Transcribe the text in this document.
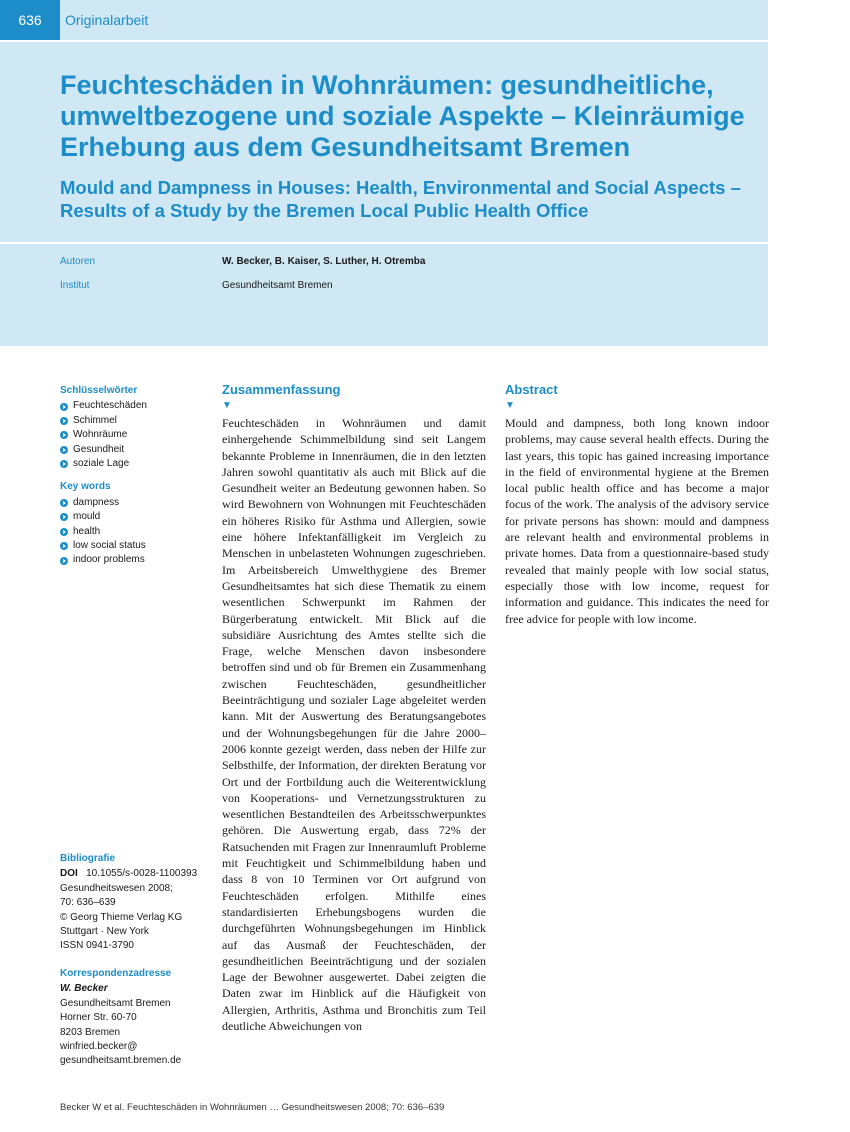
636	Originalarbeit
Feuchteschäden in Wohnräumen: gesundheitliche, umweltbezogene und soziale Aspekte – Kleinräumige Erhebung aus dem Gesundheitsamt Bremen
Mould and Dampness in Houses: Health, Environmental and Social Aspects – Results of a Study by the Bremen Local Public Health Office
Autoren	W. Becker, B. Kaiser, S. Luther, H. Otremba
Institut	Gesundheitsamt Bremen
Schlüsselwörter
Feuchteschäden
Schimmel
Wohnräume
Gesundheit
soziale Lage
Key words
dampness
mould
health
low social status
indoor problems
Bibliografie
DOI 10.1055/s-0028-1100393
Gesundheitswesen 2008;
70: 636–639
© Georg Thieme Verlag KG
Stuttgart · New York
ISSN 0941-3790
Korrespondenzadresse
W. Becker
Gesundheitsamt Bremen
Horner Str. 60-70
8203 Bremen
winfried.becker@
gesundheitsamt.bremen.de
Zusammenfassung
▼
Feuchteschäden in Wohnräumen und damit einhergehende Schimmelbildung sind seit Langem bekannte Probleme in Innenräumen, die in den letzten Jahren sowohl quantitativ als auch mit Blick auf die Gesundheit weiter an Bedeutung gewonnen haben. So wird Bewohnern von Wohnungen mit Feuchteschäden ein höheres Risiko für Asthma und Allergien, sowie eine höhere Infektanfälligkeit im Vergleich zu Menschen in unbelasteten Wohnungen zugeschrieben. Im Arbeitsbereich Umwelthygiene des Bremer Gesundheitsamtes hat sich diese Thematik zu einem wesentlichen Schwerpunkt im Rahmen der Bürgerberatung entwickelt. Mit Blick auf die subsidiäre Ausrichtung des Amtes stellte sich die Frage, welche Menschen davon insbesondere betroffen sind und ob für Bremen ein Zusammenhang zwischen Feuchteschäden, gesundheitlicher Beeinträchtigung und sozialer Lage abgeleitet werden kann. Mit der Auswertung des Beratungsangebotes und der Wohnungsbegehungen für die Jahre 2000–2006 konnte gezeigt werden, dass neben der Hilfe zur Selbsthilfe, der Information, der direkten Beratung vor Ort und der Fortbildung auch die Weiterentwicklung von Kooperations- und Vernetzungsstrukturen zu wesentlichen Bestandteilen des Arbeitsschwerpunktes gehören. Die Auswertung ergab, dass 72% der Ratsuchenden mit Fragen zur Innenraumluft Probleme mit Feuchtigkeit und Schimmelbildung haben und dass 8 von 10 Terminen vor Ort aufgrund von Feuchteschäden erfolgen. Mithilfe eines standardisierten Erhebungsbogens wurden die durchgeführten Wohnungsbegehungen im Hinblick auf das Ausmaß der Feuchteschäden, der gesundheitlichen Beeinträchtigung und der sozialen Lage der Bewohner ausgewertet. Dabei zeigten die Daten zwar im Hinblick auf die Häufigkeit von Allergien, Arthritis, Asthma und Bronchitis zum Teil deutliche Abweichungen von
Abstract
▼
Mould and dampness, both long known indoor problems, may cause several health effects. During the last years, this topic has gained increasing importance in the field of environmental hygiene at the Bremen local public health office and has become a major focus of the work. The analysis of the advisory service for private persons has shown: mould and dampness are relevant health and environmental problems in private homes. Data from a questionnaire-based study revealed that mainly people with low social status, especially those with low income, request for information and guidance. This indicates the need for free advice for people with low income.
Becker W et al. Feuchteschäden in Wohnräumen … Gesundheitswesen 2008; 70: 636–639
